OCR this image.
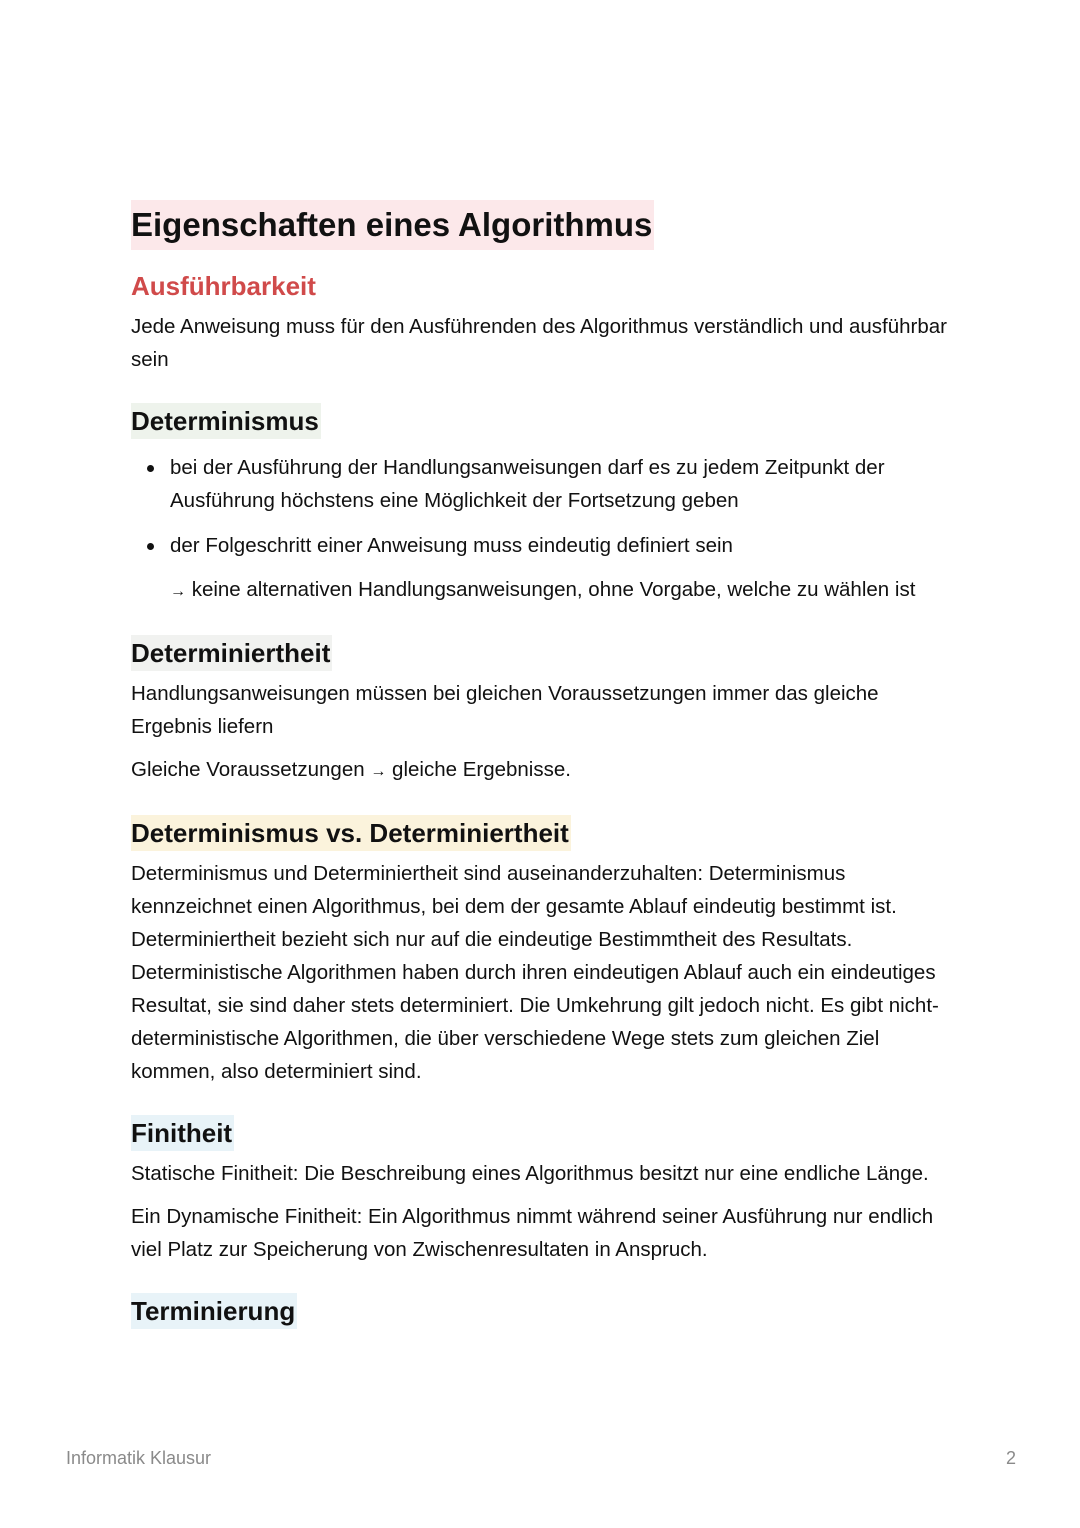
Eigenschaften eines Algorithmus
Ausführbarkeit

Jede Anweisung muss für den Ausführenden des Algorithmus verständlich und ausführbar sein

Determinismus
bei der Ausführung der Handlungsanweisungen darf es zu jedem Zeitpunkt der Ausführung höchstens eine Möglichkeit der Fortsetzung geben
der Folgeschritt einer Anweisung muss eindeutig definiert sein

→ keine alternativen Handlungsanweisungen, ohne Vorgabe, welche zu wählen ist

Determiniertheit

Handlungsanweisungen müssen bei gleichen Voraussetzungen immer das gleiche Ergebnis liefern

Gleiche Voraussetzungen → gleiche Ergebnisse.

Determinismus vs. Determiniertheit

Determinismus und Determiniertheit sind auseinanderzuhalten: Determinismus kennzeichnet einen Algorithmus, bei dem der gesamte Ablauf eindeutig bestimmt ist. Determiniertheit bezieht sich nur auf die eindeutige Bestimmtheit des Resultats. Deterministische Algorithmen haben durch ihren eindeutigen Ablauf auch ein eindeutiges Resultat, sie sind daher stets determiniert. Die Umkehrung gilt jedoch nicht. Es gibt nicht- deterministische Algorithmen, die über verschiedene Wege stets zum gleichen Ziel kommen, also determiniert sind.

Finitheit

Statische Finitheit: Die Beschreibung eines Algorithmus besitzt nur eine endliche Länge.

Ein Dynamische Finitheit: Ein Algorithmus nimmt während seiner Ausführung nur endlich viel Platz zur Speicherung von Zwischenresultaten in Anspruch.

Terminierung
Informatik Klausur	2
